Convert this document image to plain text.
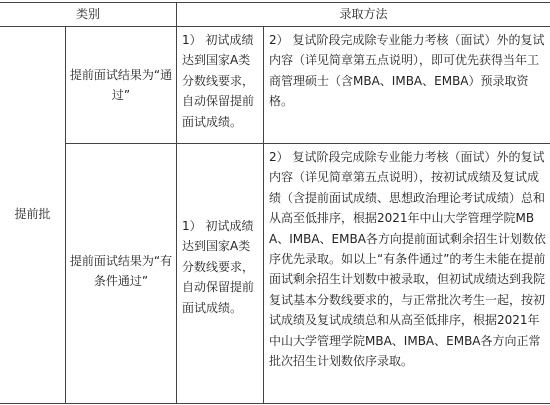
类别	录取方法
提前批
提前面试结果为“通过”
1） 初试成绩达到国家A类分数线要求，自动保留提前面试成绩。
2） 复试阶段完成除专业能力考核（面试）外的复试内容（详见简章第五点说明），即可优先获得当年工商管理硕士（含MBA、IMBA、EMBA）预录取资格。
提前面试结果为“有条件通过”
1） 初试成绩达到国家A类分数线要求，自动保留提前面试成绩。
2） 复试阶段完成除专业能力考核（面试）外的复试内容（详见简章第五点说明），按初试成绩及复试成绩（含提前面试成绩、思想政治理论考试成绩）总和从高至低排序，根据2021年中山大学管理学院MBA、IMBA、EMBA各方向提前面试剩余招生计划数依序优先录取。如以上“有条件通过”的考生未能在提前面试剩余招生计划数中被录取，但初试成绩达到我院复试基本分数线要求的，与正常批次考生一起，按初试成绩及复试成绩总和从高至低排序，根据2021年中山大学管理学院MBA、IMBA、EMBA各方向正常批次招生计划数依序录取。
